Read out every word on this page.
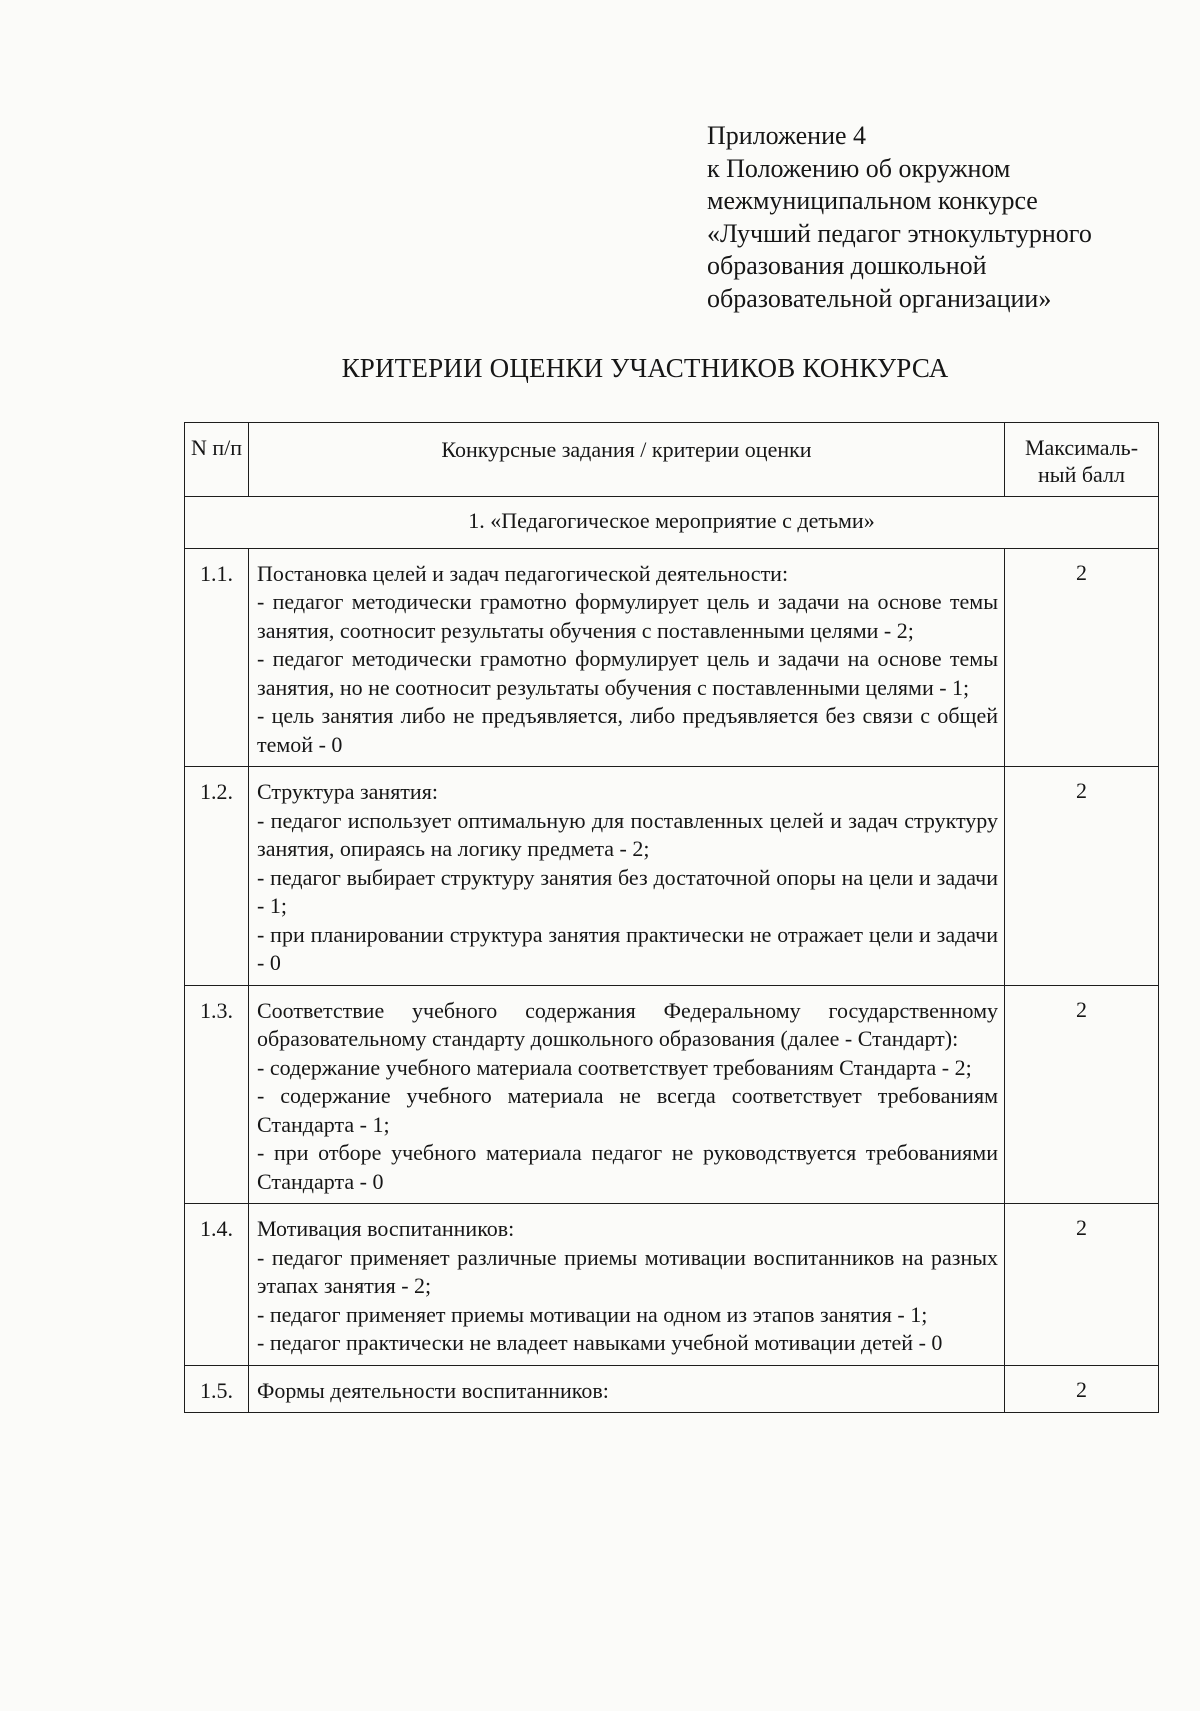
Приложение 4
к Положению об окружном
межмуниципальном конкурсе
«Лучший педагог этнокультурного
образования дошкольной
образовательной организации»
КРИТЕРИИ ОЦЕНКИ УЧАСТНИКОВ КОНКУРСА
N п/п	Конкурсные задания / критерии оценки	Максималь-ный балл
1. «Педагогическое мероприятие с детьми»		
1.1.	Постановка целей и задач педагогической деятельности:
- педагог методически грамотно формулирует цель и задачи на основе темы занятия, соотносит результаты обучения с поставленными целями - 2;
- педагог методически грамотно формулирует цель и задачи на основе темы занятия, но не соотносит результаты обучения с поставленными целями - 1;
- цель занятия либо не предъявляется, либо предъявляется без связи с общей темой - 0	2
1.2.	Структура занятия:
- педагог использует оптимальную для поставленных целей и задач структуру занятия, опираясь на логику предмета - 2;
- педагог выбирает структуру занятия без достаточной опоры на цели и задачи - 1;
- при планировании структура занятия практически не отражает цели и задачи - 0	2
1.3.	Соответствие учебного содержания Федеральному государственному образовательному стандарту дошкольного образования (далее - Стандарт):
- содержание учебного материала соответствует требованиям Стандарта - 2;
- содержание учебного материала не всегда соответствует требованиям Стандарта - 1;
- при отборе учебного материала педагог не руководствуется требованиями Стандарта - 0	2
1.4.	Мотивация воспитанников:
- педагог применяет различные приемы мотивации воспитанников на разных этапах занятия - 2;
- педагог применяет приемы мотивации на одном из этапов занятия - 1;
- педагог практически не владеет навыками учебной мотивации детей - 0	2
1.5.	Формы деятельности воспитанников:	2
